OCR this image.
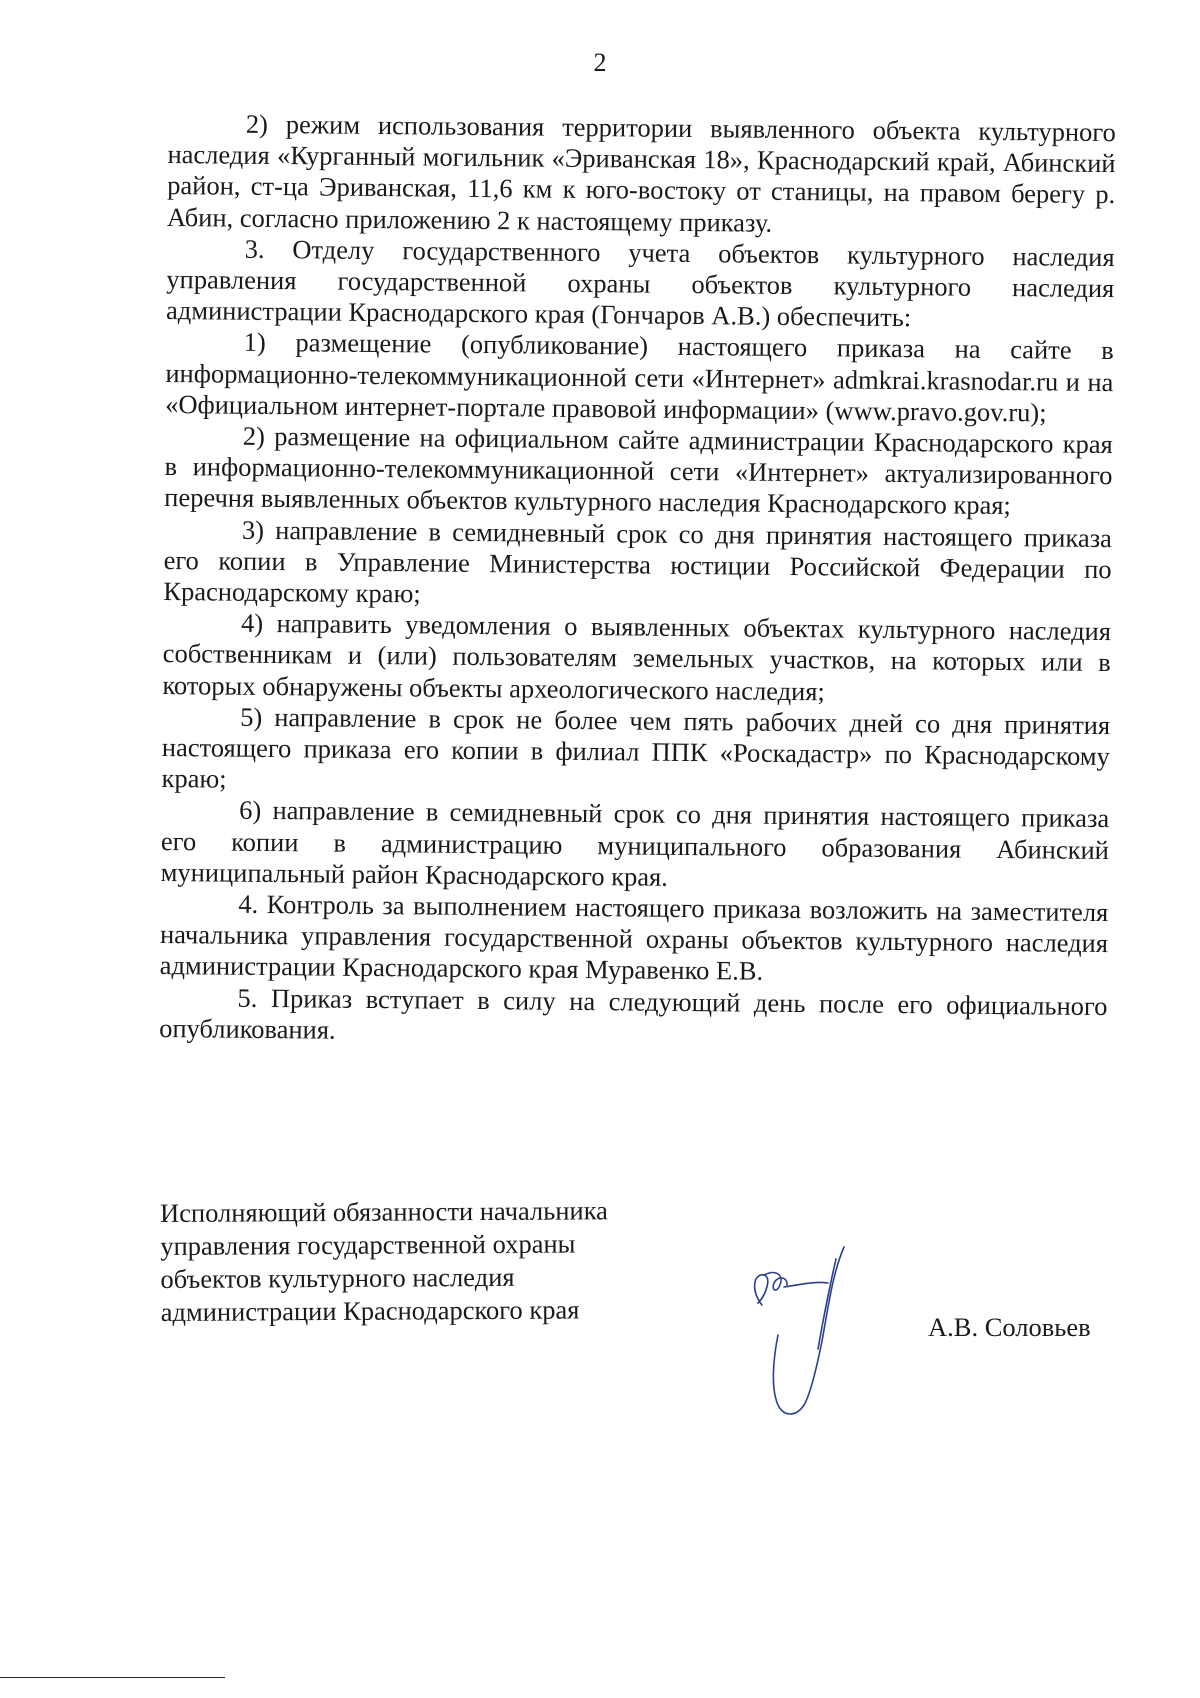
2

2) режим использования территории выявленного объекта культурного наследия «Курганный могильник «Эриванская 18», Краснодарский край, Абинский район, ст-ца Эриванская, 11,6 км к юго-востоку от станицы, на правом берегу р. Абин, согласно приложению 2 к настоящему приказу.

3. Отделу государственного учета объектов культурного наследия управления государственной охраны объектов культурного наследия администрации Краснодарского края (Гончаров А.В.) обеспечить:

1) размещение (опубликование) настоящего приказа на сайте в информационно-телекоммуникационной сети «Интернет» admkrai.krasnodar.ru и на «Официальном интернет-портале правовой информации» (www.pravo.gov.ru);

2) размещение на официальном сайте администрации Краснодарского края в информационно-телекоммуникационной сети «Интернет» актуализированного перечня выявленных объектов культурного наследия Краснодарского края;

3) направление в семидневный срок со дня принятия настоящего приказа его копии в Управление Министерства юстиции Российской Федерации по Краснодарскому краю;

4) направить уведомления о выявленных объектах культурного наследия собственникам и (или) пользователям земельных участков, на которых или в которых обнаружены объекты археологического наследия;

5) направление в срок не более чем пять рабочих дней со дня принятия настоящего приказа его копии в филиал ППК «Роскадастр» по Краснодарскому краю;

6) направление в семидневный срок со дня принятия настоящего приказа его копии в администрацию муниципального образования Абинский муниципальный район Краснодарского края.

4. Контроль за выполнением настоящего приказа возложить на заместителя начальника управления государственной охраны объектов культурного наследия администрации Краснодарского края Муравенко Е.В.

5. Приказ вступает в силу на следующий день после его официального опубликования.

Исполняющий обязанности начальника
управления государственной охраны
объектов культурного наследия
администрации Краснодарского края
А.В. Соловьев
